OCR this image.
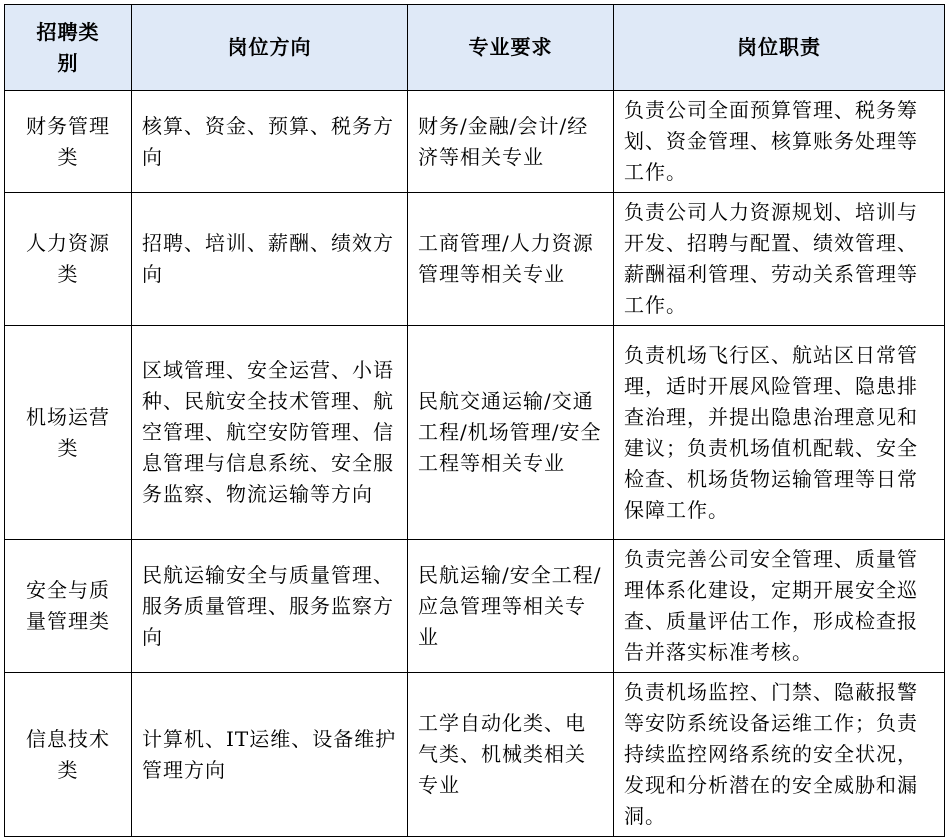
招聘类别	岗位方向	专业要求	岗位职责
财务管理类	核算、资金、预算、税务方向	财务/金融/会计/经济等相关专业	负责公司全面预算管理、税务筹划、资金管理、核算账务处理等工作。
人力资源类	招聘、培训、薪酬、绩效方向	工商管理/人力资源管理等相关专业	负责公司人力资源规划、培训与开发、招聘与配置、绩效管理、薪酬福利管理、劳动关系管理等工作。
机场运营类	区域管理、安全运营、小语种、民航安全技术管理、航空管理、航空安防管理、信息管理与信息系统、安全服务监察、物流运输等方向	民航交通运输/交通工程/机场管理/安全工程等相关专业	负责机场飞行区、航站区日常管理，适时开展风险管理、隐患排查治理，并提出隐患治理意见和建议；负责机场值机配载、安全检查、机场货物运输管理等日常保障工作。
安全与质量管理类	民航运输安全与质量管理、服务质量管理、服务监察方向	民航运输/安全工程/应急管理等相关专业	负责完善公司安全管理、质量管理体系化建设，定期开展安全巡查、质量评估工作，形成检查报告并落实标准考核。
信息技术类	计算机、IT运维、设备维护管理方向	工学自动化类、电气类、机械类相关专业	负责机场监控、门禁、隐蔽报警等安防系统设备运维工作；负责持续监控网络系统的安全状况，发现和分析潜在的安全威胁和漏洞。
